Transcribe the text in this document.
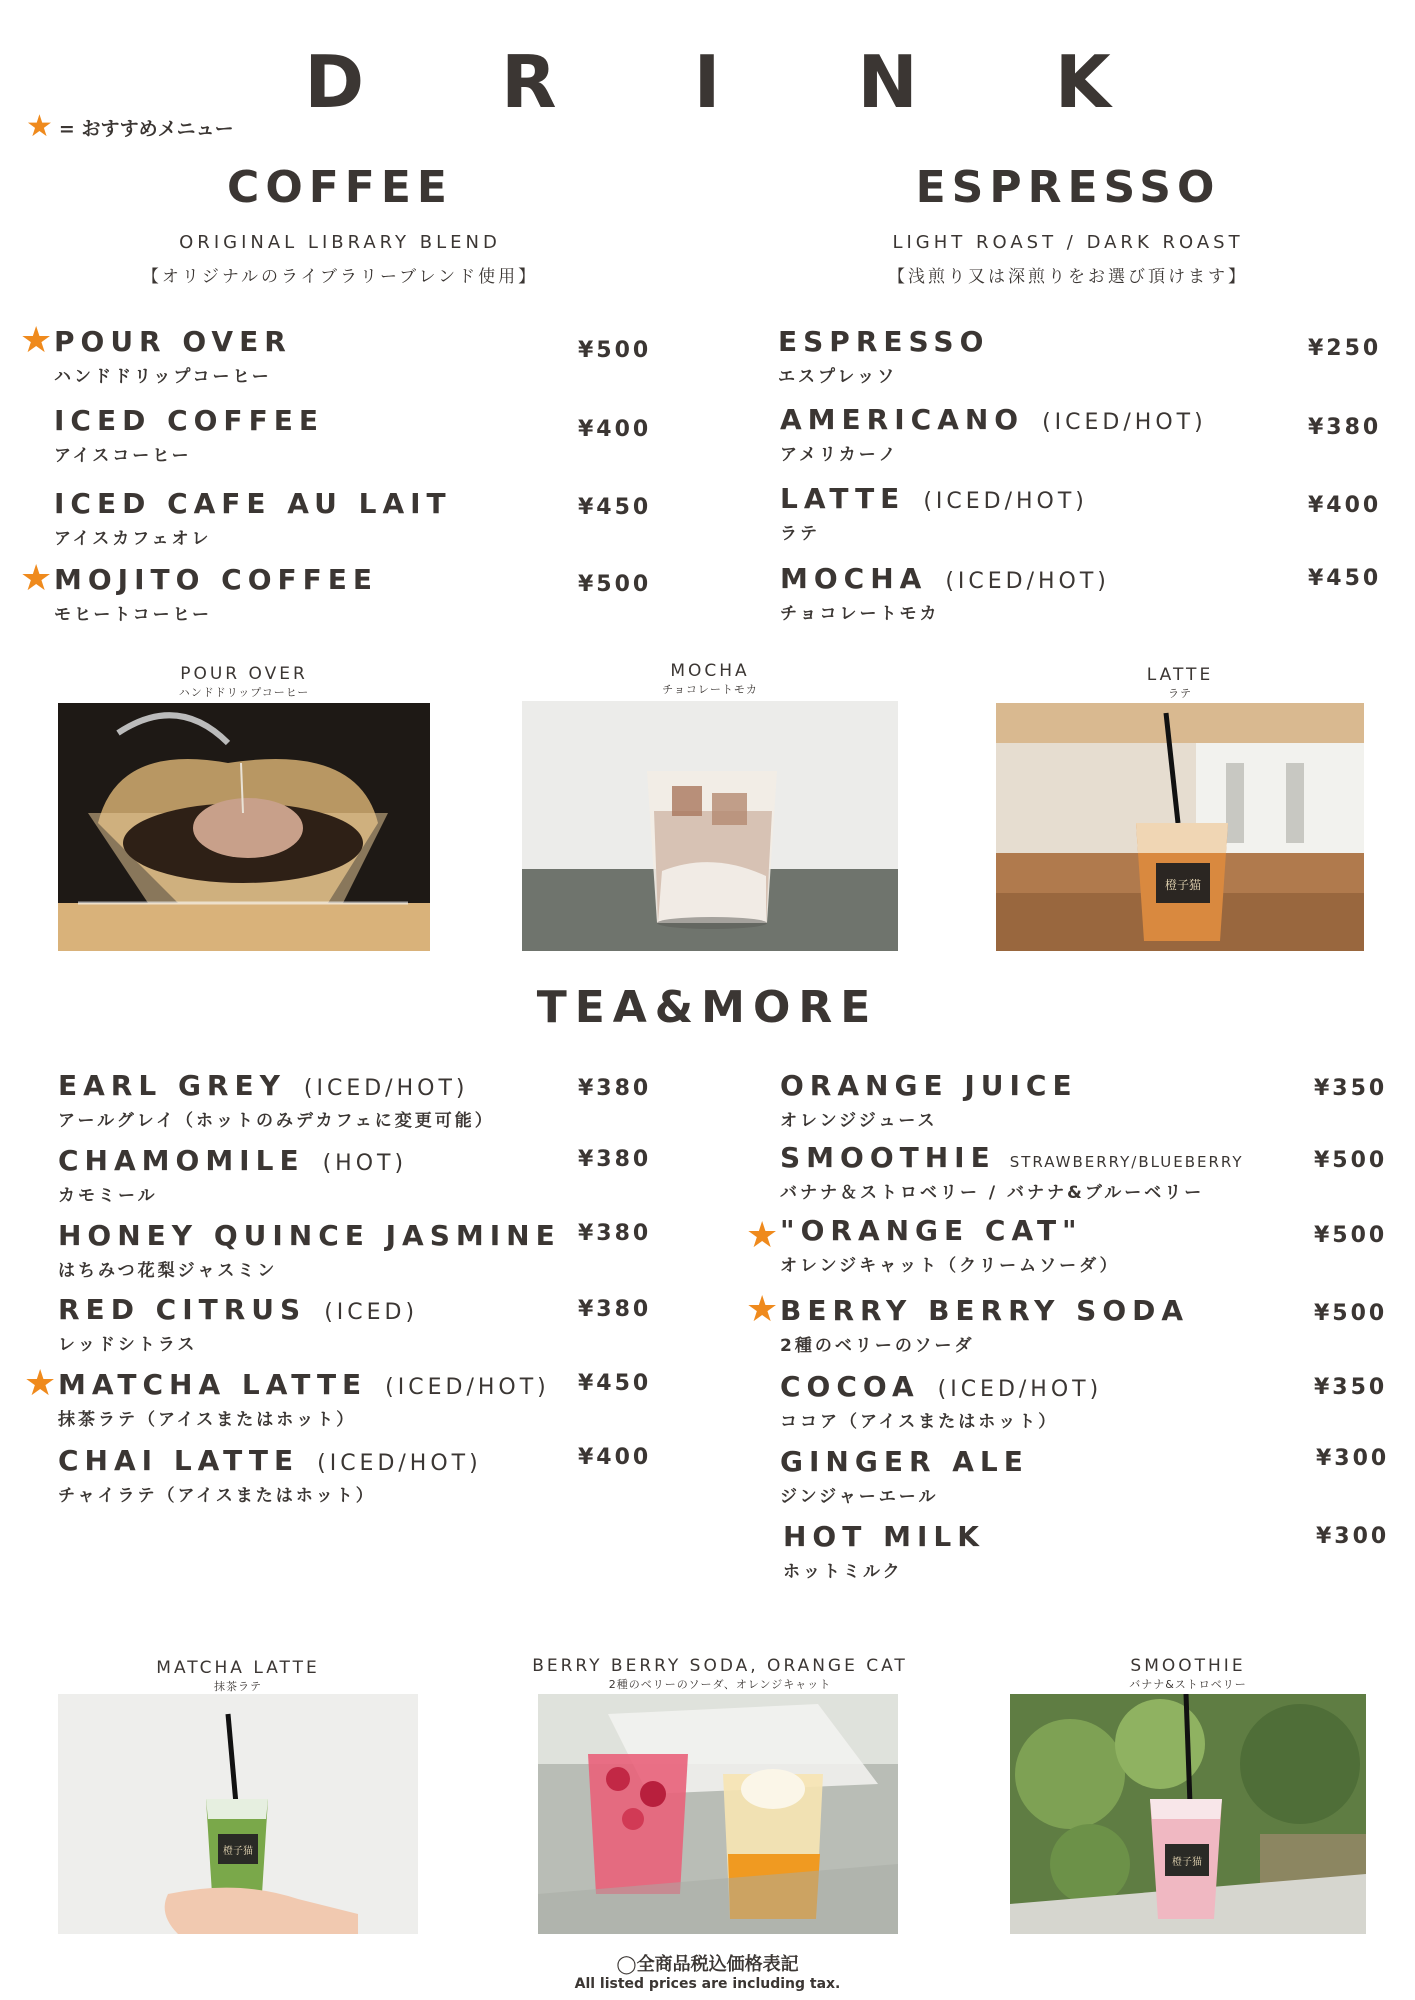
D R I N K
★ = おすすめメニュー
COFFEE
ORIGINAL LIBRARY BLEND
【オリジナルのライブラリーブレンド使用】
ESPRESSO
LIGHT ROAST / DARK ROAST
【浅煎り又は深煎りをお選び頂けます】
★ POUR OVER
ハンドドリップコーヒー
¥500
ICED COFFEE
アイスコーヒー
¥400
ICED CAFE AU LAIT
アイスカフェオレ
¥450
★ MOJITO COFFEE
モヒートコーヒー
¥500
ESPRESSO
エスプレッソ
¥250
AMERICANO (ICED/HOT)
アメリカーノ
¥380
LATTE (ICED/HOT)
ラテ
¥400
MOCHA (ICED/HOT)
チョコレートモカ
¥450
POUR OVER
ハンドドリップコーヒー
MOCHA
チョコレートモカ
LATTE
ラテ
橙子猫
TEA&MORE
EARL GREY (ICED/HOT)
アールグレイ（ホットのみデカフェに変更可能）
¥380
CHAMOMILE (HOT)
カモミール
¥380
HONEY QUINCE JASMINE
はちみつ花梨ジャスミン
¥380
RED CITRUS (ICED)
レッドシトラス
¥380
★ MATCHA LATTE (ICED/HOT)
抹茶ラテ（アイスまたはホット）
¥450
CHAI LATTE (ICED/HOT)
チャイラテ（アイスまたはホット）
¥400
ORANGE JUICE
オレンジジュース
¥350
SMOOTHIE STRAWBERRY/BLUEBERRY
バナナ＆ストロベリー / バナナ&ブルーベリー
¥500
★ "ORANGE CAT"
オレンジキャット（クリームソーダ）
¥500
★ BERRY BERRY SODA
2種のベリーのソーダ
¥500
COCOA (ICED/HOT)
ココア（アイスまたはホット）
¥350
GINGER ALE
ジンジャーエール
¥300
HOT MILK
ホットミルク
¥300
MATCHA LATTE
抹茶ラテ
BERRY BERRY SODA, ORANGE CAT
2種のベリーのソーダ、オレンジキャット
SMOOTHIE
バナナ&ストロベリー
橙子猫
橙子猫
◯全商品税込価格表記
All listed prices are including tax.
